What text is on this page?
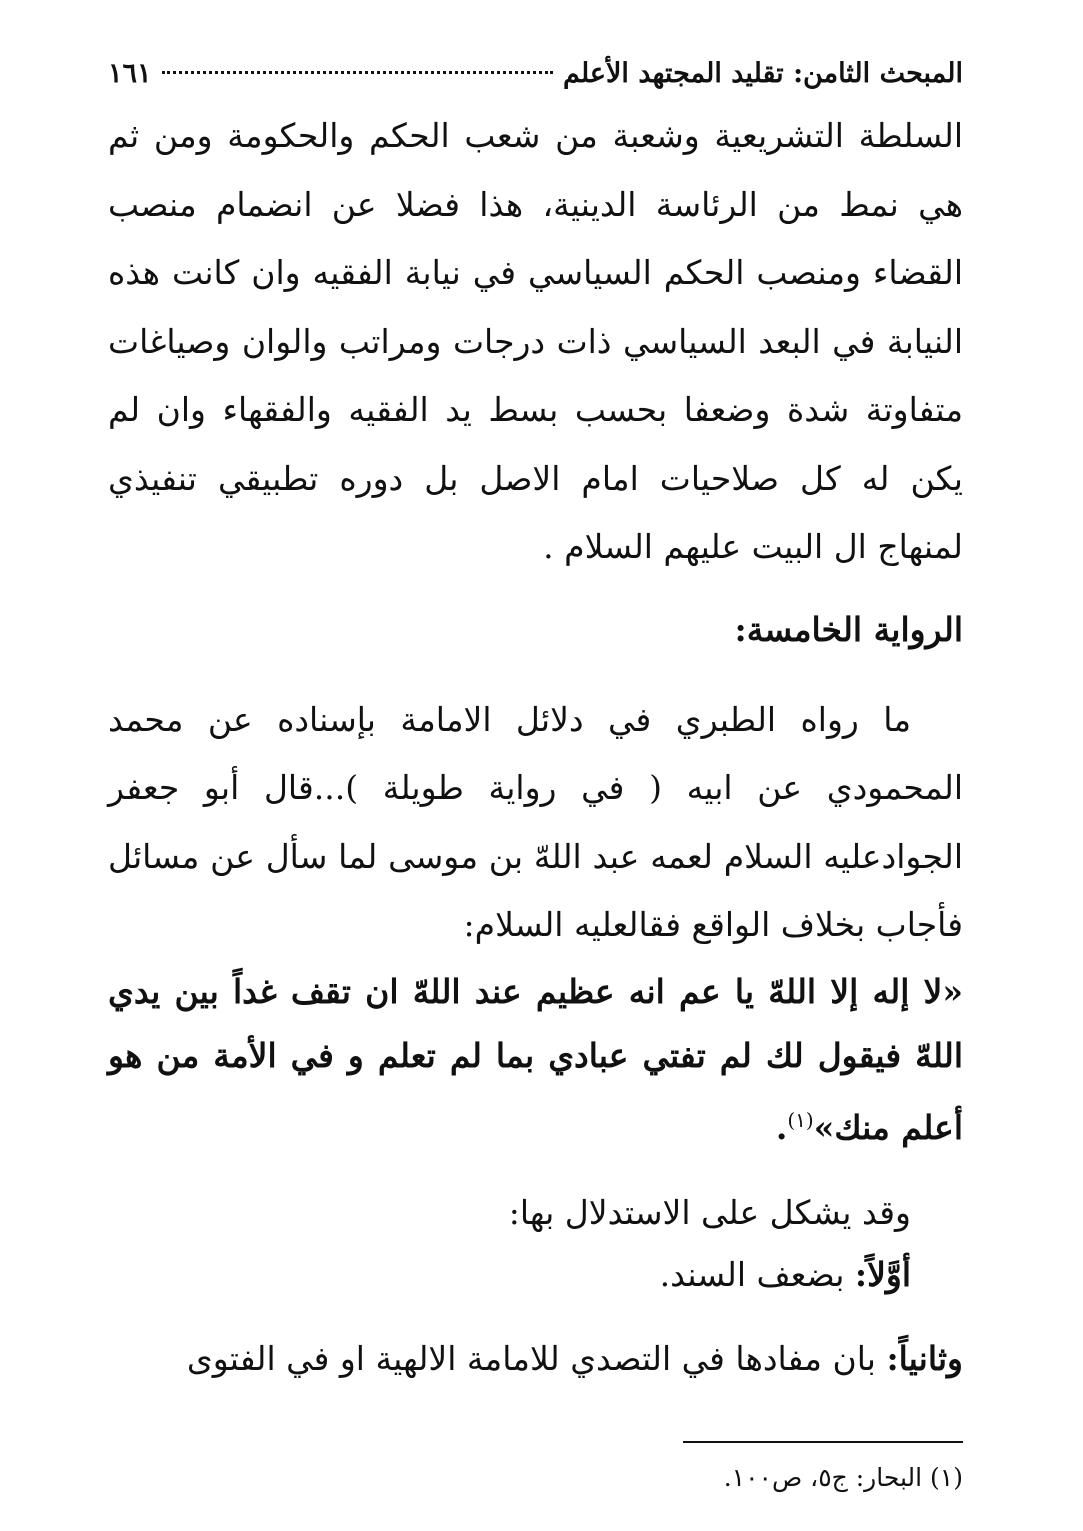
المبحث الثامن: تقليد المجتهد الأعلم
١٦١

السلطة التشريعية وشعبة من شعب الحكم والحكومة ومن ثم هي نمط من الرئاسة الدينية، هذا فضلا عن انضمام منصب القضاء ومنصب الحكم السياسي في نيابة الفقيه وان كانت هذه النيابة في البعد السياسي ذات درجات ومراتب والوان وصياغات متفاوتة شدة وضعفا بحسب بسط يد الفقيه والفقهاء وان لم يكن له كل صلاحيات امام الاصل بل دوره تطبيقي تنفيذي لمنهاج ال البيت عليهم السلام .

الرواية الخامسة:

ما رواه الطبري في دلائل الامامة بإسناده عن محمد المحمودي عن ابيه ( في رواية طويلة )...قال أبو جعفر الجوادعليه السلام لعمه عبد اللهّ بن موسى لما سأل عن مسائل فأجاب بخلاف الواقع فقالعليه السلام:

«لا إله إلا اللهّ يا عم انه عظيم عند اللهّ ان تقف غداً بين يدي اللهّ فيقول لك لم تفتي عبادي بما لم تعلم و في الأمة من هو أعلم منك»$^{(١)}$.

وقد يشكل على الاستدلال بها:

أوَّلاً: بضعف السند.

وثانياً: بان مفادها في التصدي للامامة الالهية او في الفتوى

(١) البحار: ج٥، ص١٠٠.
